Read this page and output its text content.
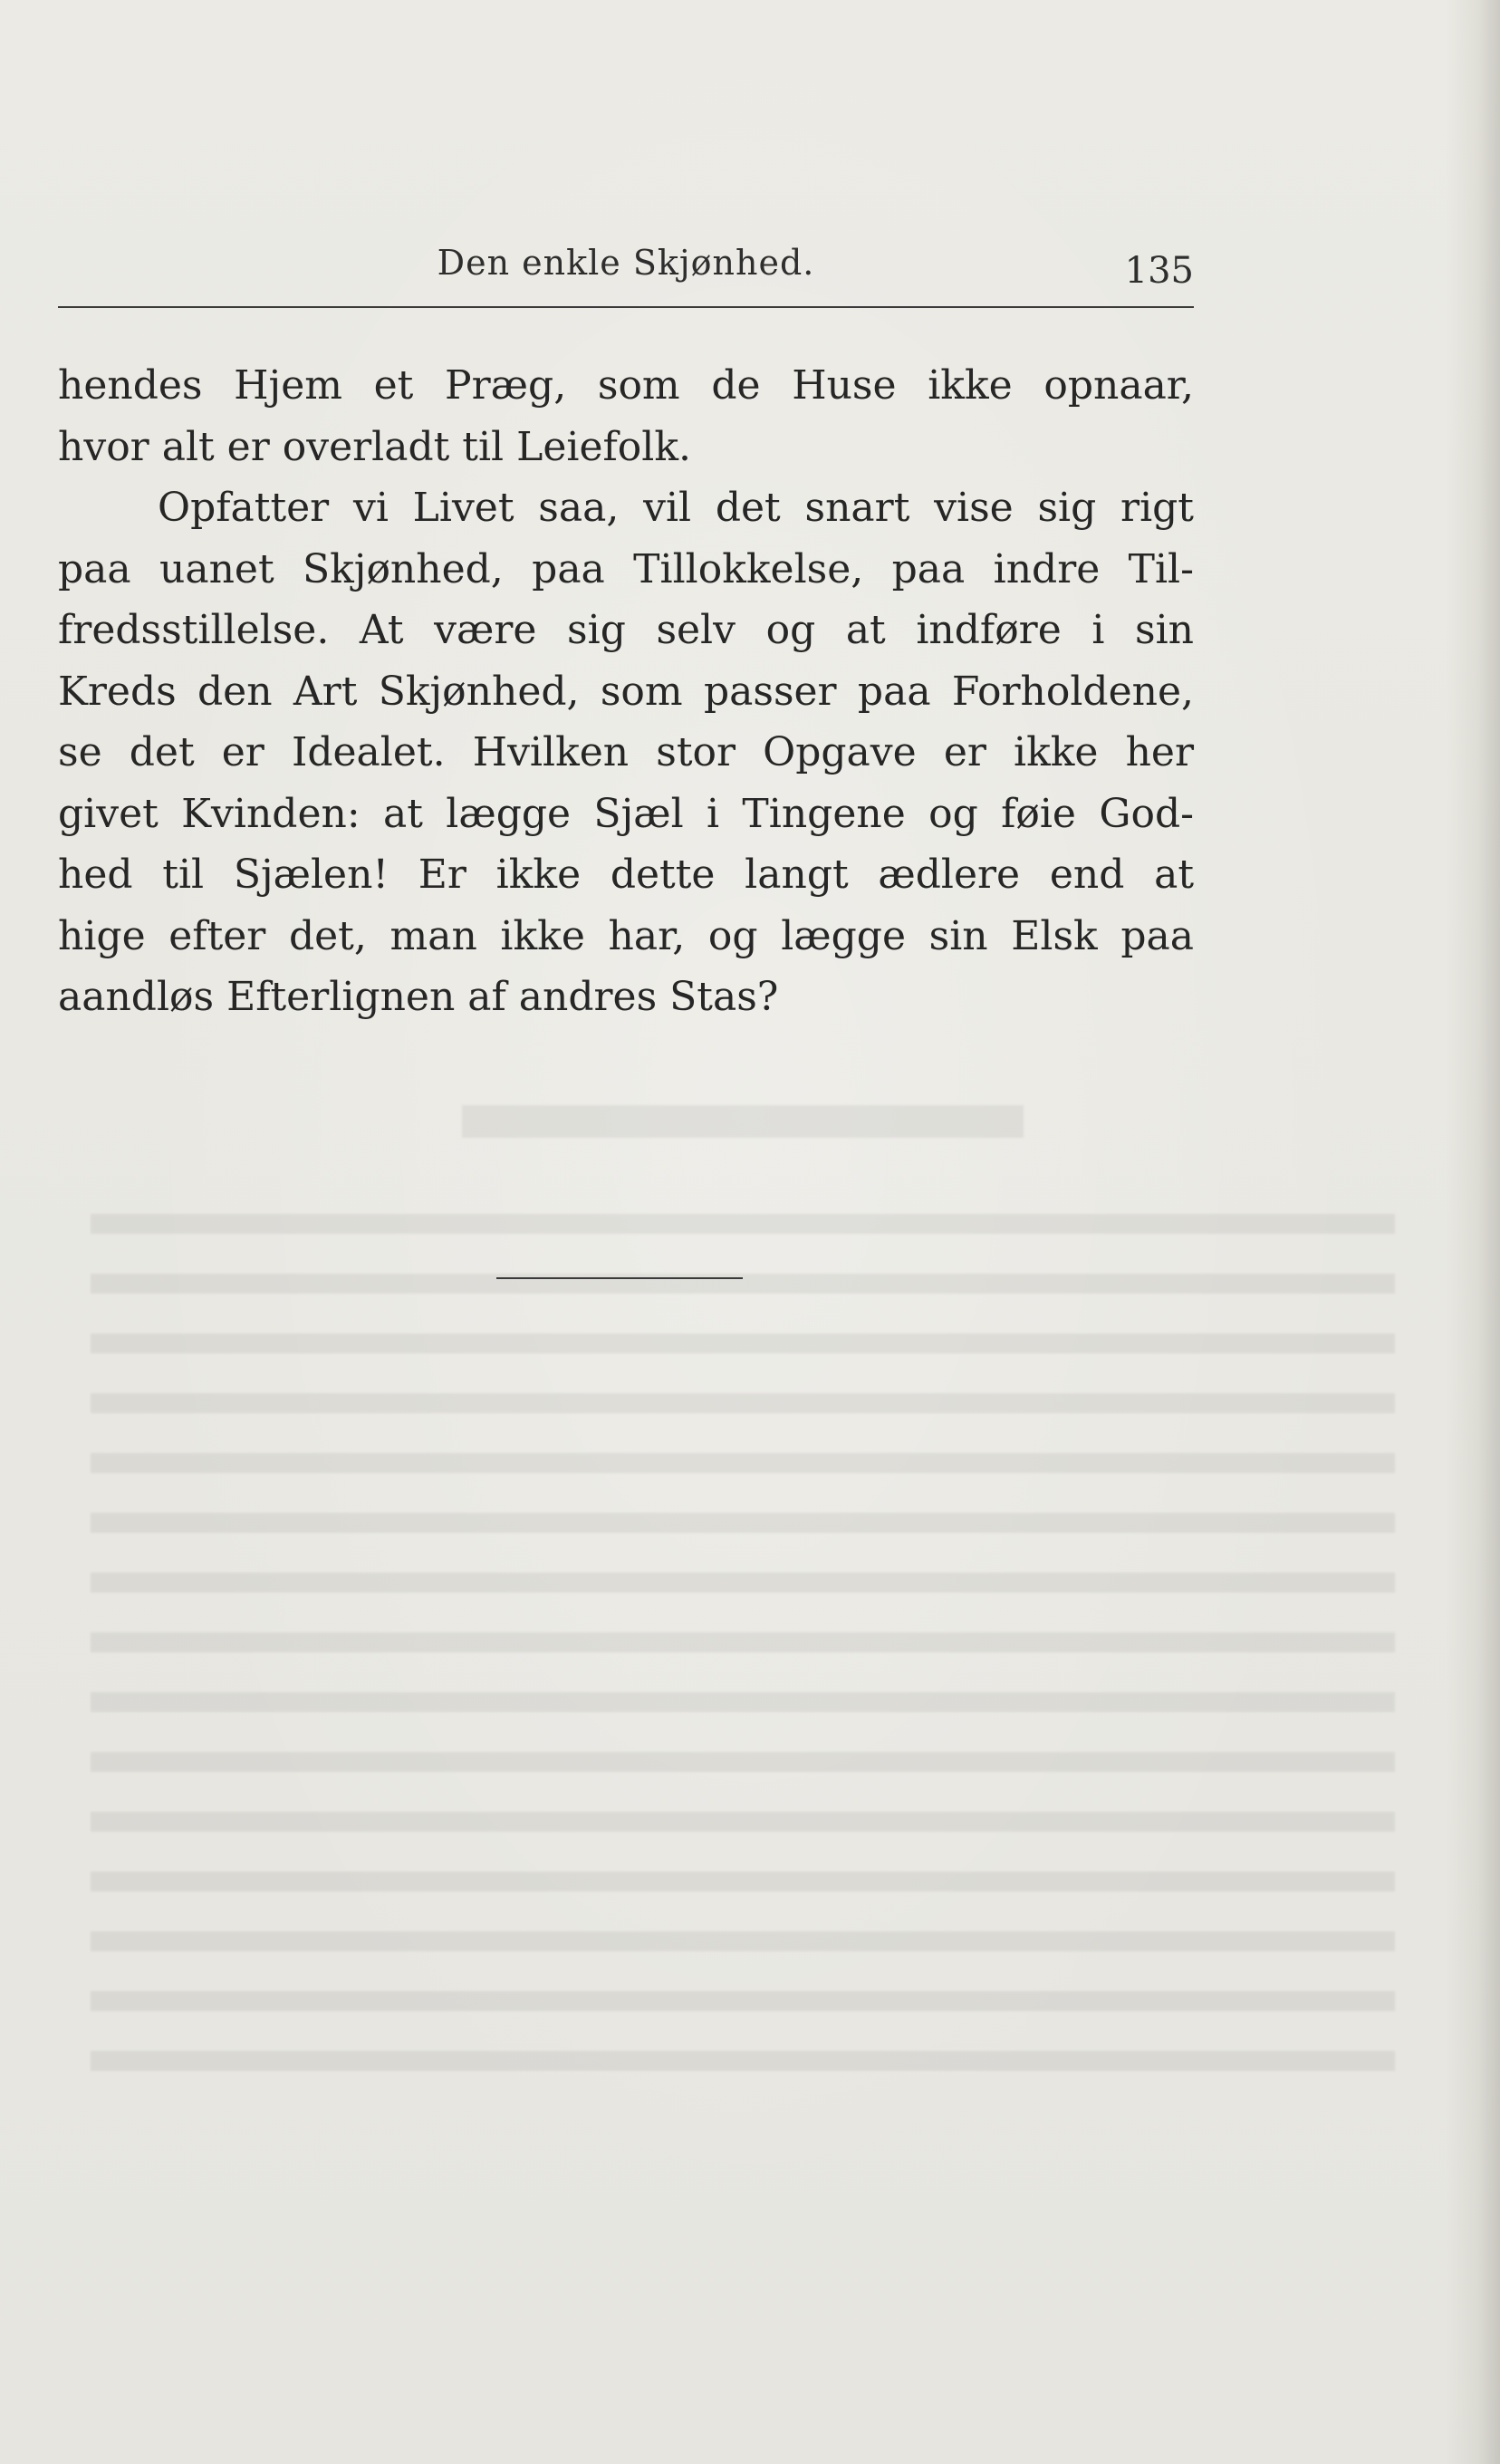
Den enkle Skjønhed.	135
hendes Hjem et Præg, som de Huse ikke opnaar,
hvor alt er overladt til Leiefolk.
Opfatter vi Livet saa, vil det snart vise sig rigt
paa uanet Skjønhed, paa Tillokkelse, paa indre Til-
fredsstillelse. At være sig selv og at indføre i sin
Kreds den Art Skjønhed, som passer paa Forholdene,
se det er Idealet. Hvilken stor Opgave er ikke her
givet Kvinden: at lægge Sjæl i Tingene og føie God-
hed til Sjælen! Er ikke dette langt ædlere end at
hige efter det, man ikke har, og lægge sin Elsk paa
aandløs Efterlignen af andres Stas?
